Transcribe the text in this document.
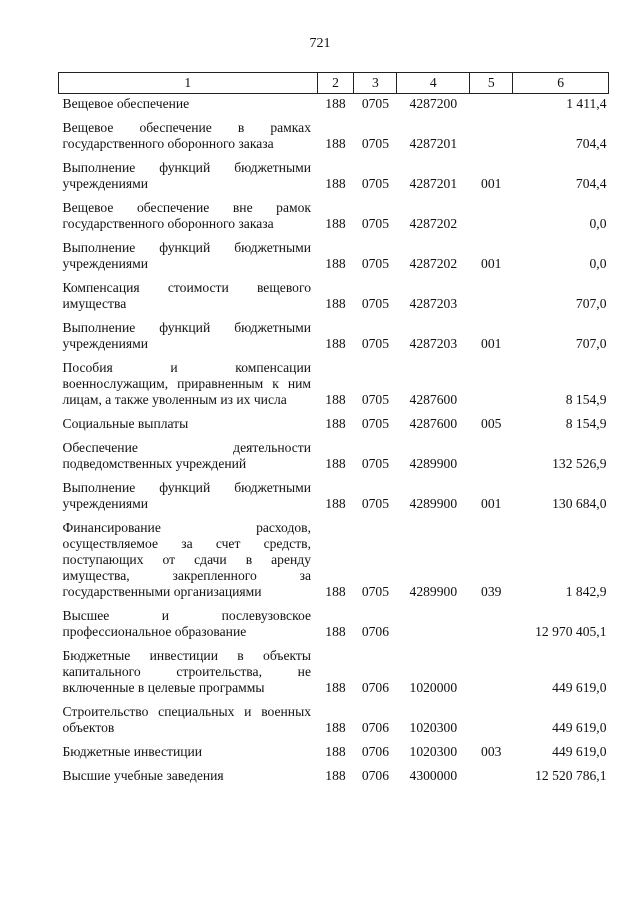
721
1	2	3	4	5	6
Вещевое обеспечение	188	0705	4287200		1 411,4
Вещевое обеспечение в рамках государственного оборонного заказа	188	0705	4287201		704,4
Выполнение функций бюджетными учреждениями	188	0705	4287201	001	704,4
Вещевое обеспечение вне рамок государственного оборонного заказа	188	0705	4287202		0,0
Выполнение функций бюджетными учреждениями	188	0705	4287202	001	0,0
Компенсация стоимости вещевого имущества	188	0705	4287203		707,0
Выполнение функций бюджетными учреждениями	188	0705	4287203	001	707,0
Пособия и компенсации военнослужащим, приравненным к ним лицам, а также уволенным из их числа	188	0705	4287600		8 154,9
Социальные выплаты	188	0705	4287600	005	8 154,9
Обеспечение деятельности подведомственных учреждений	188	0705	4289900		132 526,9
Выполнение функций бюджетными учреждениями	188	0705	4289900	001	130 684,0
Финансирование расходов, осуществляемое за счет средств, поступающих от сдачи в аренду имущества, закрепленного за государственными организациями	188	0705	4289900	039	1 842,9
Высшее и послевузовское профессиональное образование	188	0706			12 970 405,1
Бюджетные инвестиции в объекты капитального строительства, не включенные в целевые программы	188	0706	1020000		449 619,0
Строительство специальных и военных объектов	188	0706	1020300		449 619,0
Бюджетные инвестиции	188	0706	1020300	003	449 619,0
Высшие учебные заведения	188	0706	4300000		12 520 786,1
